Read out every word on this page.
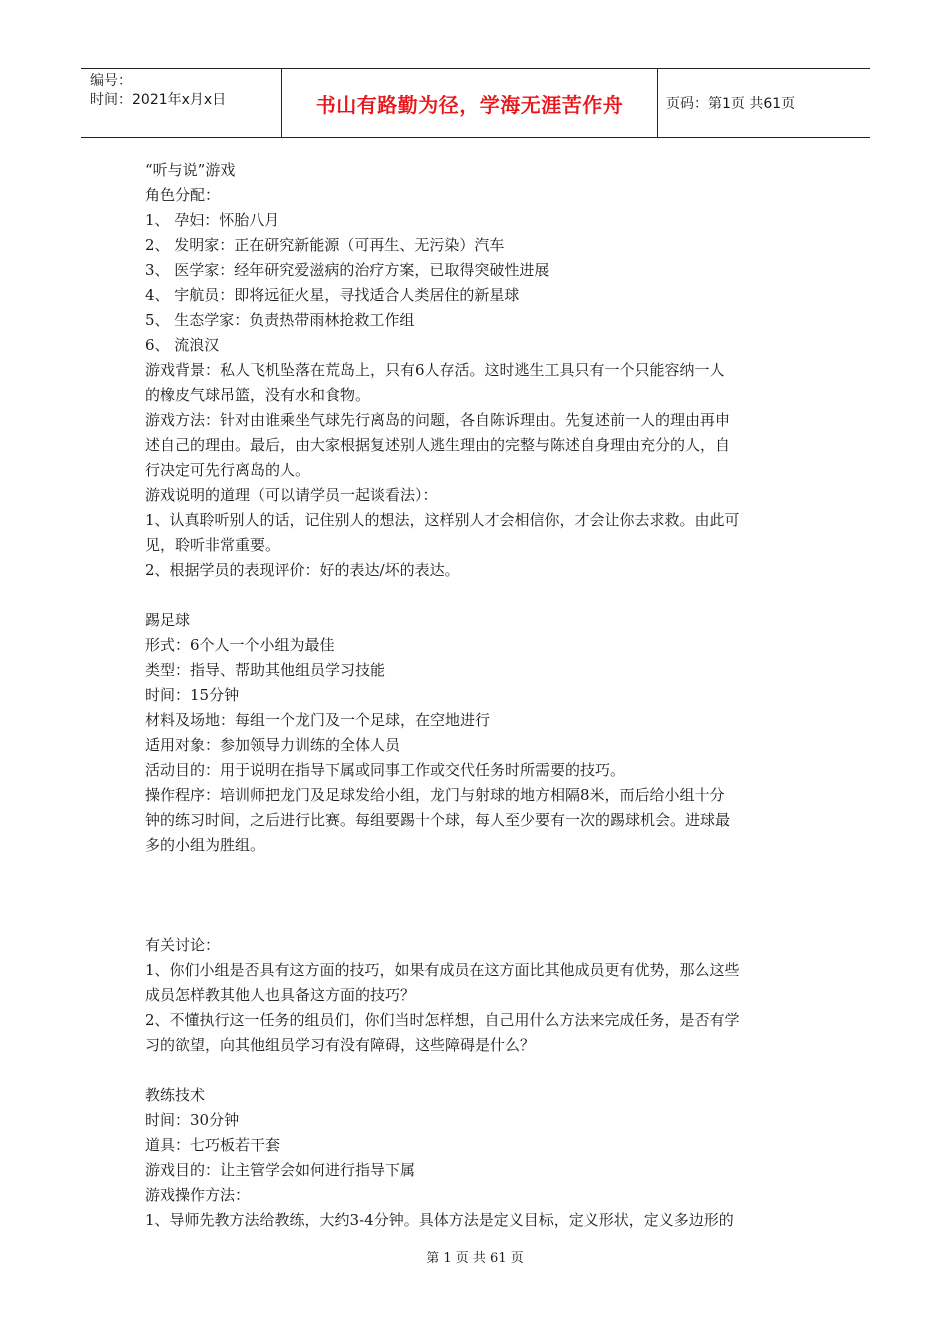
编号：
时间：2021年x月x日	书山有路勤为径，学海无涯苦作舟	页码：第1页 共61页
“听与说”游戏
角色分配：
1、 孕妇：怀胎八月
2、 发明家：正在研究新能源（可再生、无污染）汽车
3、 医学家：经年研究爱滋病的治疗方案，已取得突破性进展
4、 宇航员：即将远征火星，寻找适合人类居住的新星球
5、 生态学家：负责热带雨林抢救工作组
6、 流浪汉
游戏背景：私人飞机坠落在荒岛上，只有6人存活。这时逃生工具只有一个只能容纳一人
的橡皮气球吊篮，没有水和食物。
游戏方法：针对由谁乘坐气球先行离岛的问题，各自陈诉理由。先复述前一人的理由再申
述自己的理由。最后，由大家根据复述别人逃生理由的完整与陈述自身理由充分的人，自
行决定可先行离岛的人。
游戏说明的道理（可以请学员一起谈看法）：
1、认真聆听别人的话，记住别人的想法，这样别人才会相信你，才会让你去求救。由此可
见，聆听非常重要。
2、根据学员的表现评价：好的表达/坏的表达。
踢足球
形式：6个人一个小组为最佳
类型：指导、帮助其他组员学习技能
时间：15分钟
材料及场地：每组一个龙门及一个足球，在空地进行
适用对象：参加领导力训练的全体人员
活动目的：用于说明在指导下属或同事工作或交代任务时所需要的技巧。
操作程序：培训师把龙门及足球发给小组，龙门与射球的地方相隔8米，而后给小组十分
钟的练习时间，之后进行比赛。每组要踢十个球，每人至少要有一次的踢球机会。进球最
多的小组为胜组。
有关讨论：
1、你们小组是否具有这方面的技巧，如果有成员在这方面比其他成员更有优势，那么这些
成员怎样教其他人也具备这方面的技巧？
2、不懂执行这一任务的组员们，你们当时怎样想，自己用什么方法来完成任务，是否有学
习的欲望，向其他组员学习有没有障碍，这些障碍是什么？
教练技术
时间：30分钟
道具：七巧板若干套
游戏目的：让主管学会如何进行指导下属
游戏操作方法：
1、导师先教方法给教练，大约3-4分钟。具体方法是定义目标，定义形状，定义多边形的
第 1 页 共 61 页
